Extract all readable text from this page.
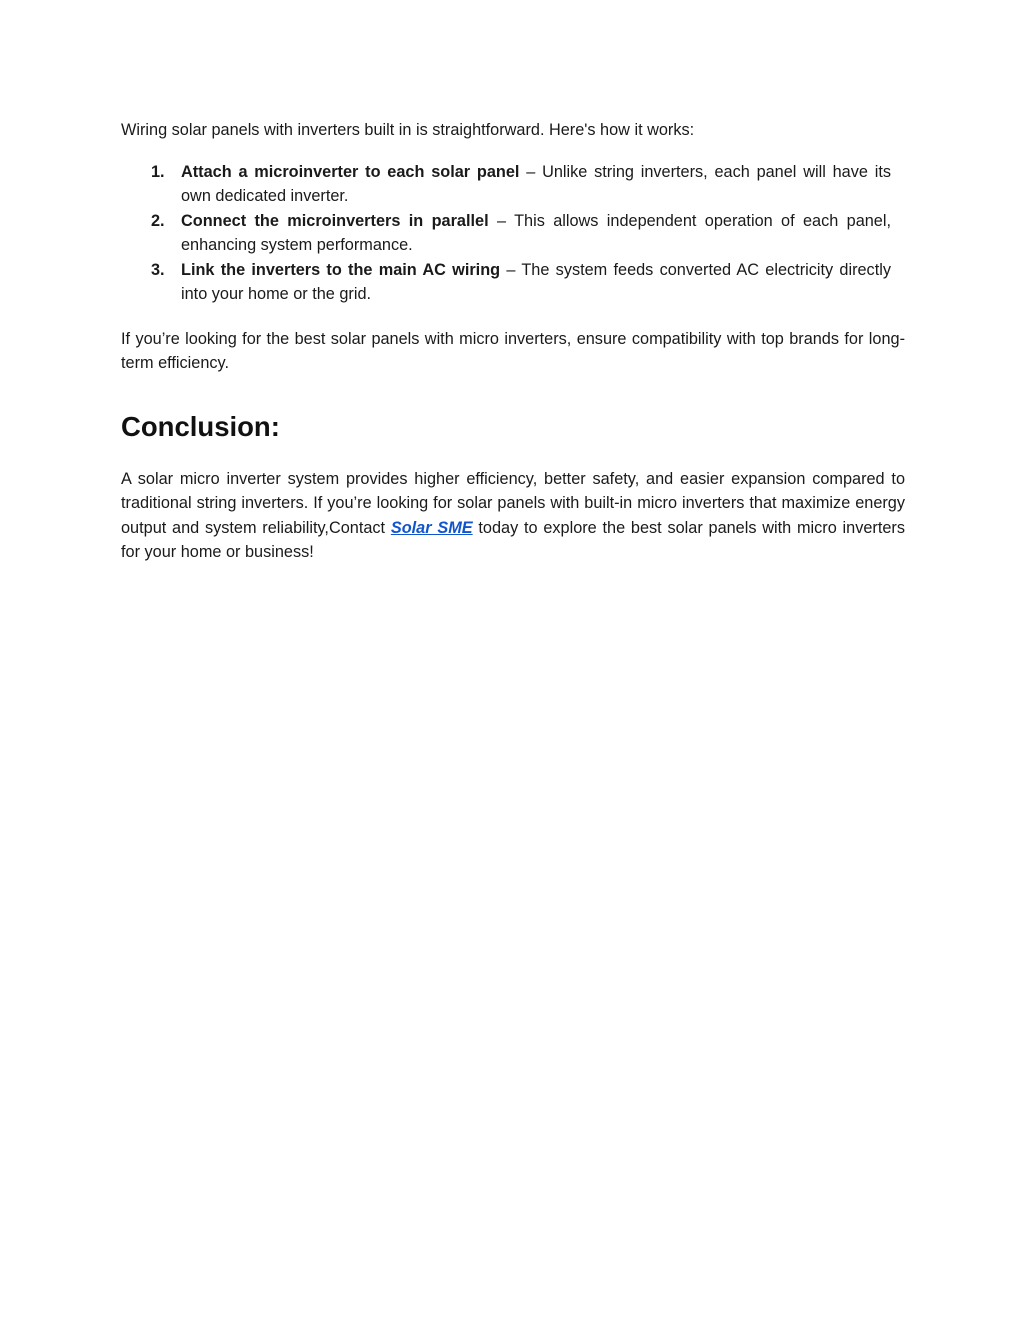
Wiring solar panels with inverters built in is straightforward. Here's how it works:

1. Attach a microinverter to each solar panel – Unlike string inverters, each panel will have its own dedicated inverter.
2. Connect the microinverters in parallel – This allows independent operation of each panel, enhancing system performance.
3. Link the inverters to the main AC wiring – The system feeds converted AC electricity directly into your home or the grid.

If you’re looking for the best solar panels with micro inverters, ensure compatibility with top brands for long-term efficiency.

Conclusion:

A solar micro inverter system provides higher efficiency, better safety, and easier expansion compared to traditional string inverters. If you’re looking for solar panels with built-in micro inverters that maximize energy output and system reliability,Contact Solar SME today to explore the best solar panels with micro inverters for your home or business!
